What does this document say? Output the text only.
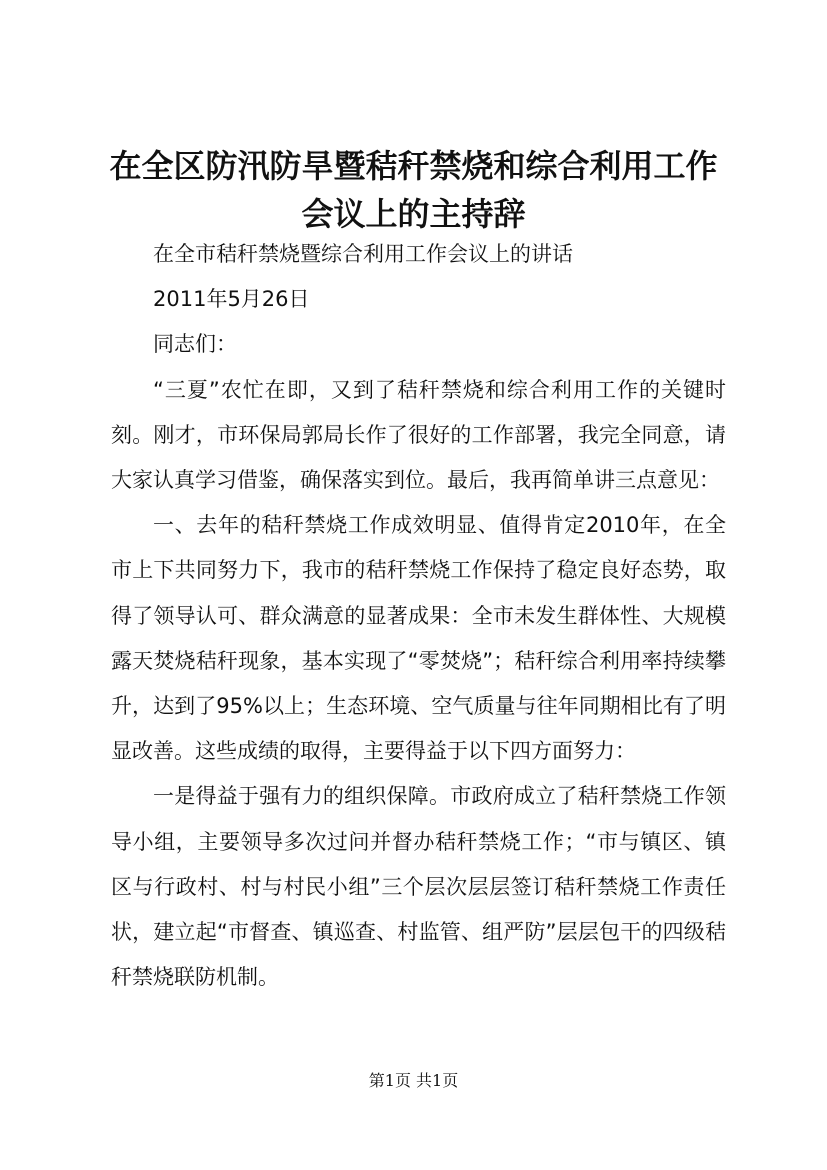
在全区防汛防旱暨秸秆禁烧和综合利用工作会议上的主持辞

在全市秸秆禁烧暨综合利用工作会议上的讲话

2011年5月26日

同志们：

“三夏”农忙在即，又到了秸秆禁烧和综合利用工作的关键时刻。刚才，市环保局郭局长作了很好的工作部署，我完全同意，请大家认真学习借鉴，确保落实到位。最后，我再简单讲三点意见：

一、去年的秸秆禁烧工作成效明显、值得肯定2010年，在全市上下共同努力下，我市的秸秆禁烧工作保持了稳定良好态势，取得了领导认可、群众满意的显著成果：全市未发生群体性、大规模露天焚烧秸秆现象，基本实现了“零焚烧”；秸秆综合利用率持续攀升，达到了95%以上；生态环境、空气质量与往年同期相比有了明显改善。这些成绩的取得，主要得益于以下四方面努力：

一是得益于强有力的组织保障。市政府成立了秸秆禁烧工作领导小组，主要领导多次过问并督办秸秆禁烧工作；“市与镇区、镇区与行政村、村与村民小组”三个层次层层签订秸秆禁烧工作责任状，建立起“市督查、镇巡查、村监管、组严防”层层包干的四级秸秆禁烧联防机制。

第1页 共1页
